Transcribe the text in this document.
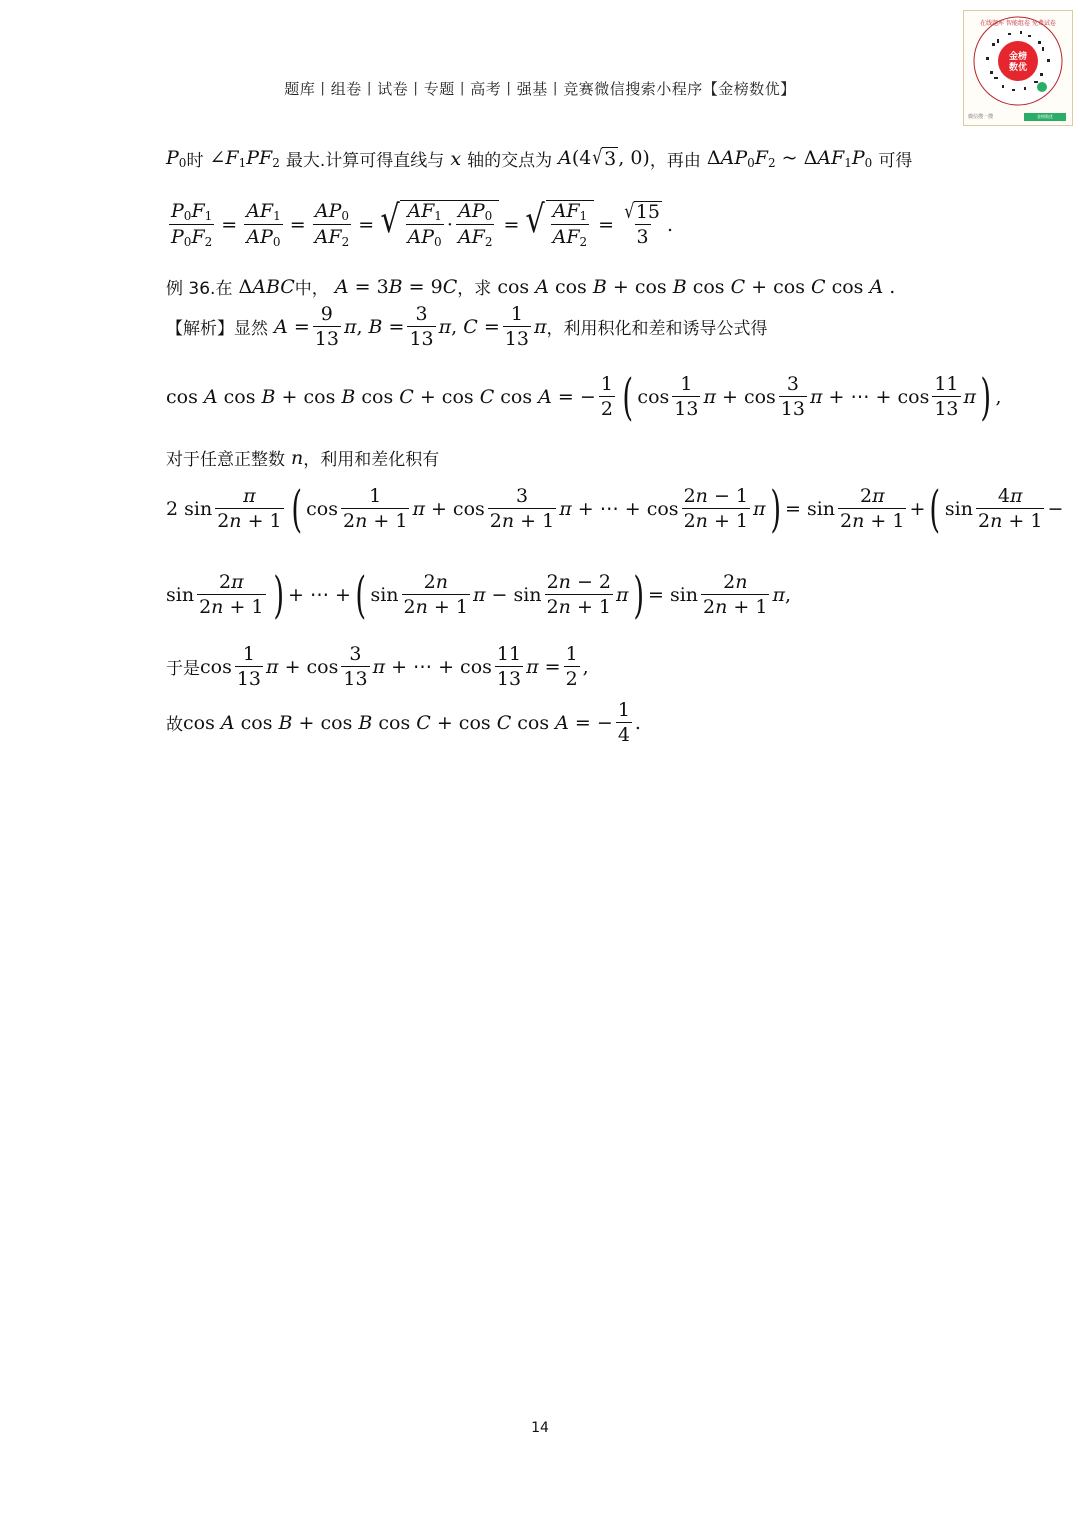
题库丨组卷丨试卷丨专题丨高考丨强基丨竞赛微信搜索小程序【金榜数优】
金榜
数优
在线题库 智能组卷 免费试卷
微信搜一搜	金榜数优
$P_0$ 时 $\angle F_1PF_2$ 最大.计算可得直线与 x 轴的交点为 A(4 √ 3 , 0) ，再由 $\Delta AP_0F_2$ ~ $\Delta AF_1P_0$ 可得
$\frac{P_0F_1}{P_0F_2} = \frac{AF_1}{AP_0} = \frac{AP_0}{AF_2}$ = √ $\frac{AF_1}{AP_0} \cdot \frac{AP_0}{AF_2}$ = √ $\frac{AF_1}{AF_2} = \frac{√ 15}{3}$ .
例 36.在 ΔABC 中， A = 3B = 9C ，求 cos A cos B + cos B cos C + cos C cos A .
【解析】显然 $A = \frac{9}{13} \pi$, $B = \frac{3}{13} \pi$, $C = \frac{1}{13}$ π ，利用积化和差和诱导公式得
cos A cos B + cos B cos C + cos C cos A = − $\frac{1}{2}$ ( $\cos \frac{1}{13}$ $\pi + \cos \frac{3}{13}$ π + ⋯ + $\cos \frac{11}{13}$ π ) ,
对于任意正整数 n ，利用和差化积有
2 $\sin \frac{\pi}{2n + 1}$ ( $\cos \frac{1}{2n + 1}$ $\pi + \cos \frac{3}{2n + 1}$ π + ⋯ + $\cos \frac{2n - 1}{2n + 1}$ π ) = $\sin \frac{2\pi}{2n + 1}$ + ( $\sin \frac{4\pi}{2n + 1}$ −
$\sin \frac{2\pi}{2n + 1}$ ) + ⋯ + ( $\sin \frac{2n}{2n + 1}$ $\pi - \sin \frac{2n - 2}{2n + 1}$ π ) = $\sin \frac{2n}{2n + 1} \pi$,
于是 $\cos \frac{1}{13}$ $\pi + \cos \frac{3}{13}$ π + ⋯ + $\cos \frac{11}{13}$ $\pi = \frac{1}{2}$ ,
故 cos A cos B + cos B cos C + cos C cos A = − $\frac{1}{4}$ .
14
